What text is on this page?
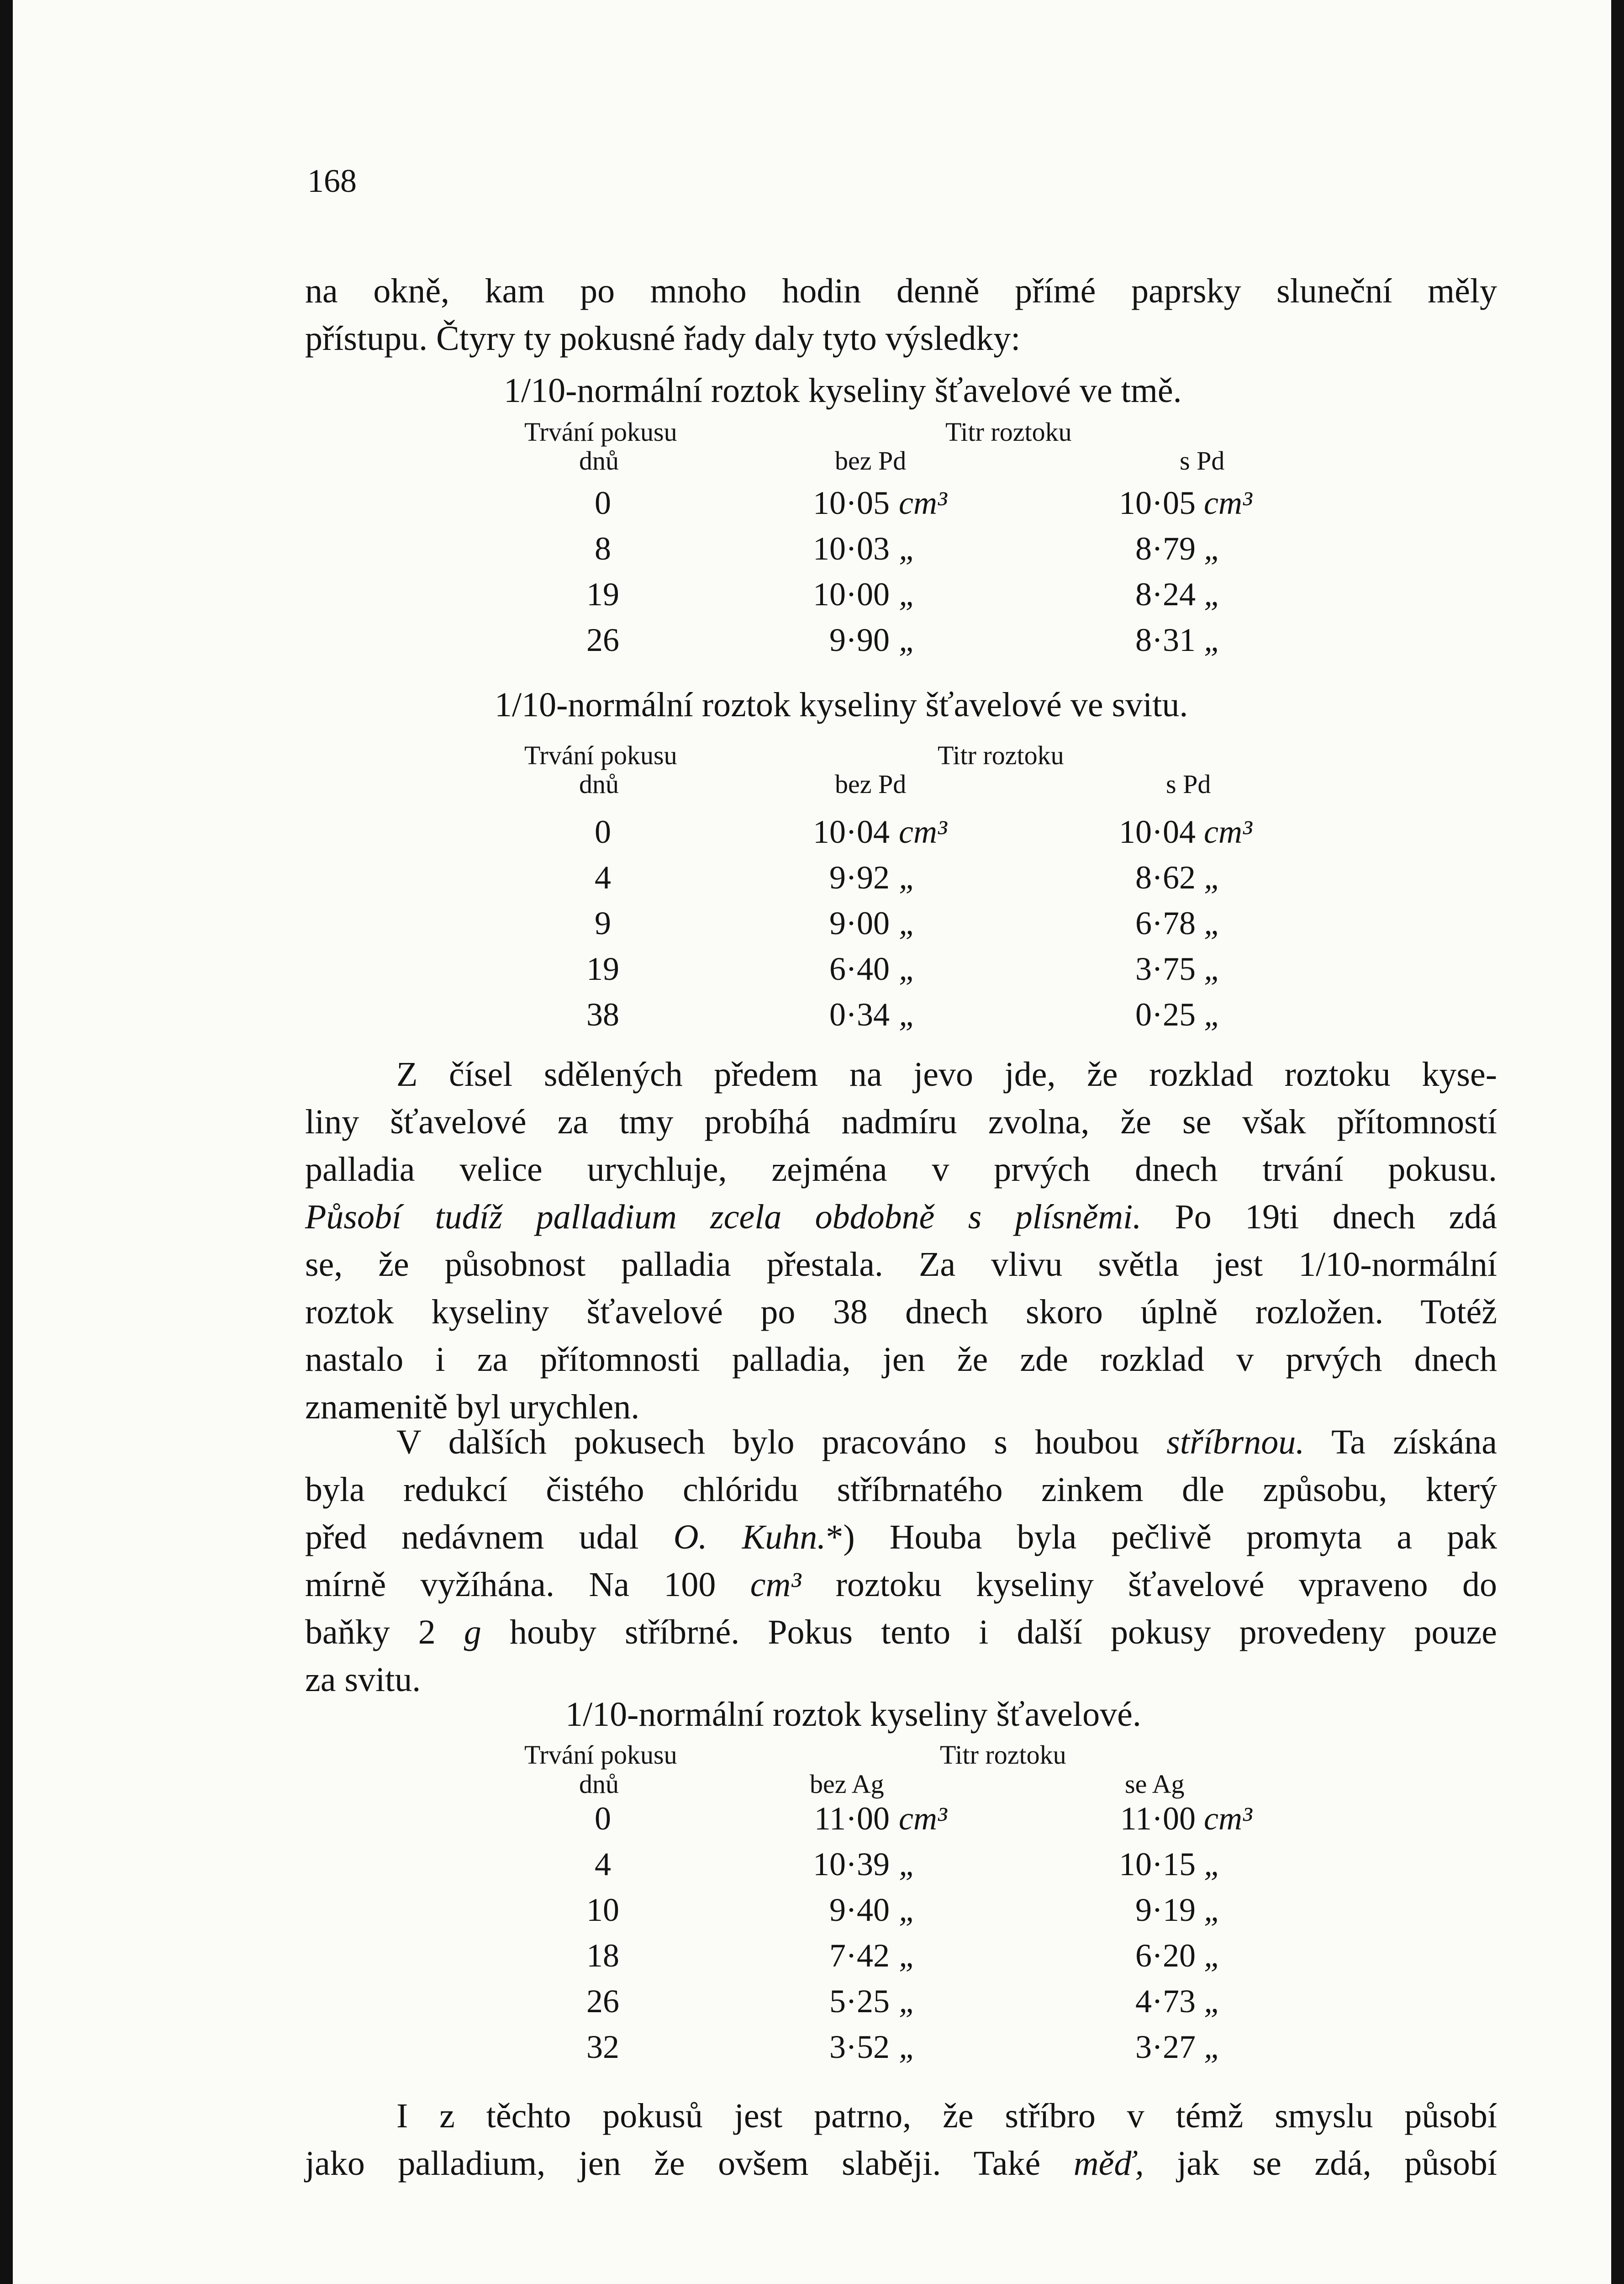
168
na okně, kam po mnoho hodin denně přímé paprsky sluneční měly
přístupu. Čtyry ty pokusné řady daly tyto výsledky:
1/10-normální roztok kyseliny šťavelové ve tmě.
Trvání pokusu	Titr roztoku
dnů	bez Pd	s Pd
0	10·05 cm³	10·05 cm³
8	10·03 „	8·79 „
19	10·00 „	8·24 „
26	9·90 „	8·31 „
1/10-normální roztok kyseliny šťavelové ve svitu.
Trvání pokusu	Titr roztoku
dnů	bez Pd	s Pd
0	10·04 cm³	10·04 cm³
4	9·92 „	8·62 „
9	9·00 „	6·78 „
19	6·40 „	3·75 „
38	0·34 „	0·25 „
Z čísel sdělených předem na jevo jde, že rozklad roztoku kyse-
liny šťavelové za tmy probíhá nadmíru zvolna, že se však přítomností
palladia velice urychluje, zejména v prvých dnech trvání pokusu.
Působí tudíž palladium zcela obdobně s plísněmi. Po 19ti dnech zdá
se, že působnost palladia přestala. Za vlivu světla jest 1/10-normální
roztok kyseliny šťavelové po 38 dnech skoro úplně rozložen. Totéž
nastalo i za přítomnosti palladia, jen že zde rozklad v prvých dnech
znamenitě byl urychlen.
V dalších pokusech bylo pracováno s houbou stříbrnou. Ta získána
byla redukcí čistého chlóridu stříbrnatého zinkem dle způsobu, který
před nedávnem udal O. Kuhn.*) Houba byla pečlivě promyta a pak
mírně vyžíhána. Na 100 cm³ roztoku kyseliny šťavelové vpraveno do
baňky 2 g houby stříbrné. Pokus tento i další pokusy provedeny pouze
za svitu.
1/10-normální roztok kyseliny šťavelové.
Trvání pokusu	Titr roztoku
dnů	bez Ag	se Ag
0	11·00 cm³	11·00 cm³
4	10·39 „	10·15 „
10	9·40 „	9·19 „
18	7·42 „	6·20 „
26	5·25 „	4·73 „
32	3·52 „	3·27 „
I z těchto pokusů jest patrno, že stříbro v témž smyslu působí
jako palladium, jen že ovšem slaběji. Také měď, jak se zdá, působí
